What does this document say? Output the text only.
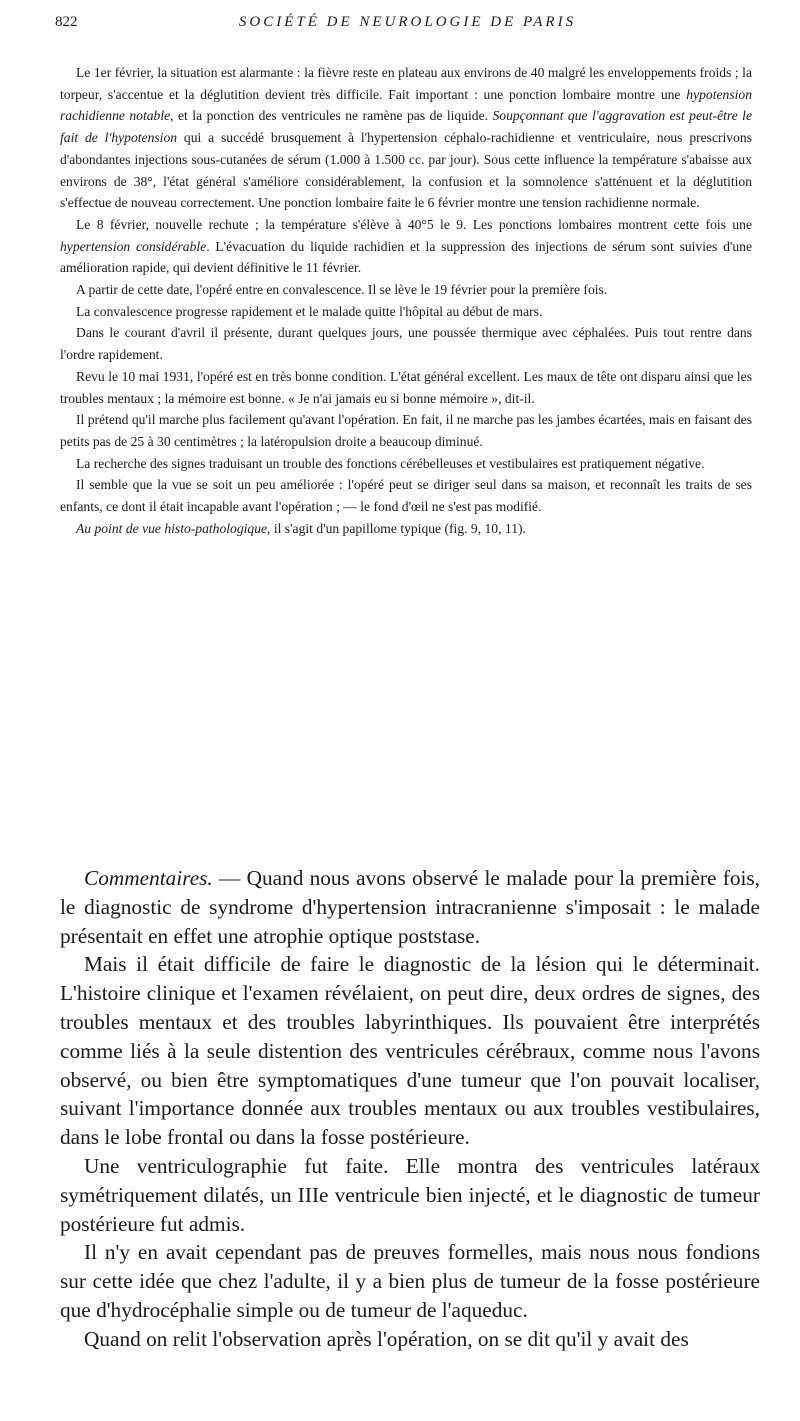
822	SOCIÉTÉ DE NEUROLOGIE DE PARIS

Le 1er février, la situation est alarmante : la fièvre reste en plateau aux environs de 40 malgré les enveloppements froids ; la torpeur, s'accentue et la déglutition devient très difficile. Fait important : une ponction lombaire montre une hypotension rachidienne notable, et la ponction des ventricules ne ramène pas de liquide. Soupçonnant que l'aggravation est peut-être le fait de l'hypotension qui a succédé brusquement à l'hypertension céphalo-rachidienne et ventriculaire, nous prescrivons d'abondantes injections sous-cutanées de sérum (1.000 à 1.500 cc. par jour). Sous cette influence la température s'abaisse aux environs de 38°, l'état général s'améliore considérablement, la confusion et la somnolence s'atténuent et la déglutition s'effectue de nouveau correctement. Une ponction lombaire faite le 6 février montre une tension rachidienne normale.

Le 8 février, nouvelle rechute ; la température s'élève à 40°5 le 9. Les ponctions lombaires montrent cette fois une hypertension considérable. L'évacuation du liquide rachidien et la suppression des injections de sérum sont suivies d'une amélioration rapide, qui devient définitive le 11 février.

A partir de cette date, l'opéré entre en convalescence. Il se lève le 19 février pour la première fois.

La convalescence progresse rapidement et le malade quitte l'hôpital au début de mars.

Dans le courant d'avril il présente, durant quelques jours, une poussée thermique avec céphalées. Puis tout rentre dans l'ordre rapidement.

Revu le 10 mai 1931, l'opéré est en très bonne condition. L'état général excellent. Les maux de tête ont disparu ainsi que les troubles mentaux ; la mémoire est bonne. « Je n'ai jamais eu si bonne mémoire », dit-il.

Il prétend qu'il marche plus facilement qu'avant l'opération. En fait, il ne marche pas les jambes écartées, mais en faisant des petits pas de 25 à 30 centimètres ; la latéropulsion droite a beaucoup diminué.

La recherche des signes traduisant un trouble des fonctions cérébelleuses et vestibulaires est pratiquement négative.

Il semble que la vue se soit un peu améliorée : l'opéré peut se diriger seul dans sa maison, et reconnaît les traits de ses enfants, ce dont il était incapable avant l'opération ; — le fond d'œil ne s'est pas modifié.

Au point de vue histo-pathologique, il s'agit d'un papillome typique (fig. 9, 10, 11).

Commentaires. — Quand nous avons observé le malade pour la première fois, le diagnostic de syndrome d'hypertension intracranienne s'imposait : le malade présentait en effet une atrophie optique poststase.

Mais il était difficile de faire le diagnostic de la lésion qui le déterminait. L'histoire clinique et l'examen révélaient, on peut dire, deux ordres de signes, des troubles mentaux et des troubles labyrinthiques. Ils pouvaient être interprétés comme liés à la seule distention des ventricules cérébraux, comme nous l'avons observé, ou bien être symptomatiques d'une tumeur que l'on pouvait localiser, suivant l'importance donnée aux troubles mentaux ou aux troubles vestibulaires, dans le lobe frontal ou dans la fosse postérieure.

Une ventriculographie fut faite. Elle montra des ventricules latéraux symétriquement dilatés, un IIIe ventricule bien injecté, et le diagnostic de tumeur postérieure fut admis.

Il n'y en avait cependant pas de preuves formelles, mais nous nous fondions sur cette idée que chez l'adulte, il y a bien plus de tumeur de la fosse postérieure que d'hydrocéphalie simple ou de tumeur de l'aqueduc.

Quand on relit l'observation après l'opération, on se dit qu'il y avait des
